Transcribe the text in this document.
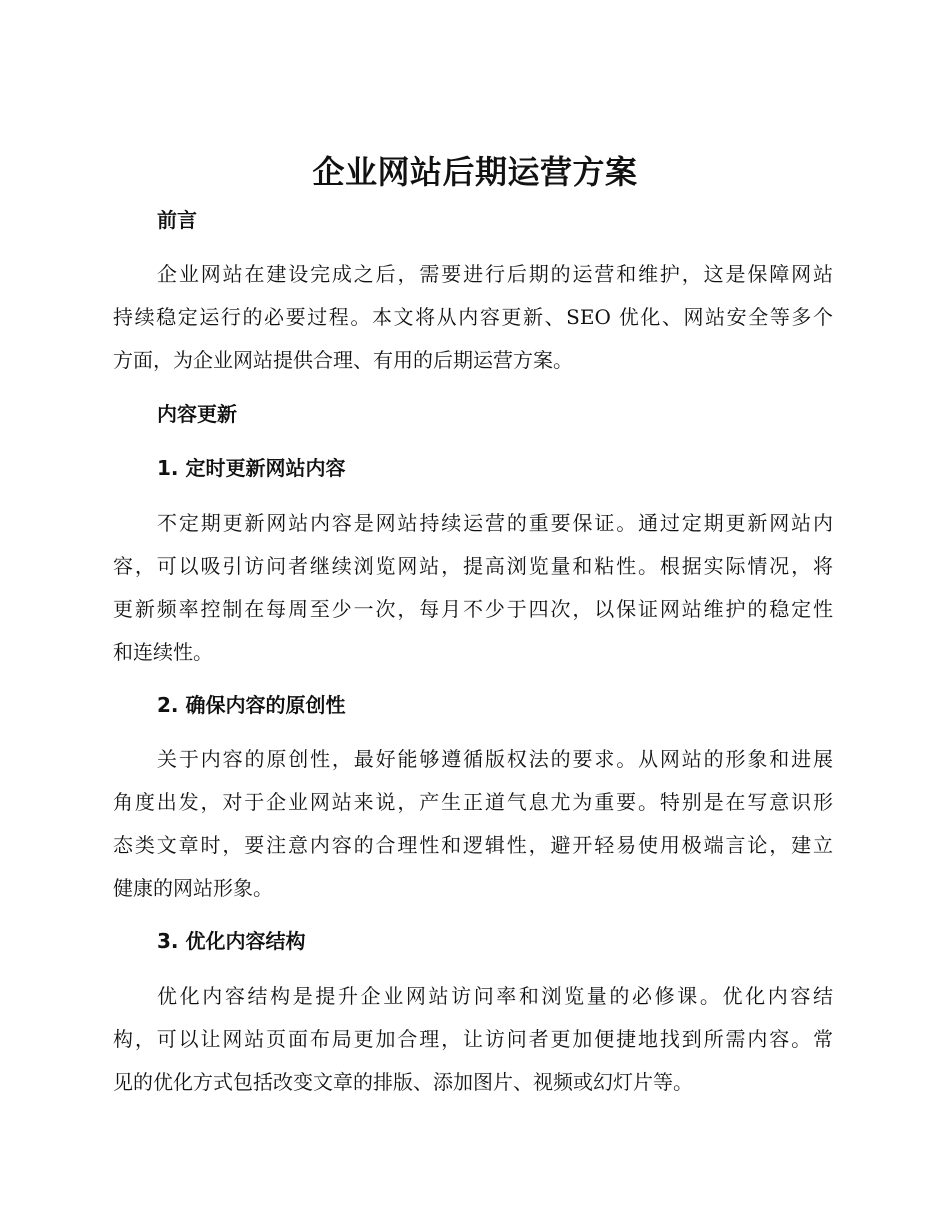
企业网站后期运营方案
前言
企业网站在建设完成之后，需要进行后期的运营和维护，这是保障网站
持续稳定运行的必要过程。本文将从内容更新、SEO 优化、网站安全等多个
方面，为企业网站提供合理、有用的后期运营方案。
内容更新
1. 定时更新网站内容
不定期更新网站内容是网站持续运营的重要保证。通过定期更新网站内
容，可以吸引访问者继续浏览网站，提高浏览量和粘性。根据实际情况，将
更新频率控制在每周至少一次，每月不少于四次，以保证网站维护的稳定性
和连续性。
2. 确保内容的原创性
关于内容的原创性，最好能够遵循版权法的要求。从网站的形象和进展
角度出发，对于企业网站来说，产生正道气息尤为重要。特别是在写意识形
态类文章时，要注意内容的合理性和逻辑性，避开轻易使用极端言论，建立
健康的网站形象。
3. 优化内容结构
优化内容结构是提升企业网站访问率和浏览量的必修课。优化内容结
构，可以让网站页面布局更加合理，让访问者更加便捷地找到所需内容。常
见的优化方式包括改变文章的排版、添加图片、视频或幻灯片等。
